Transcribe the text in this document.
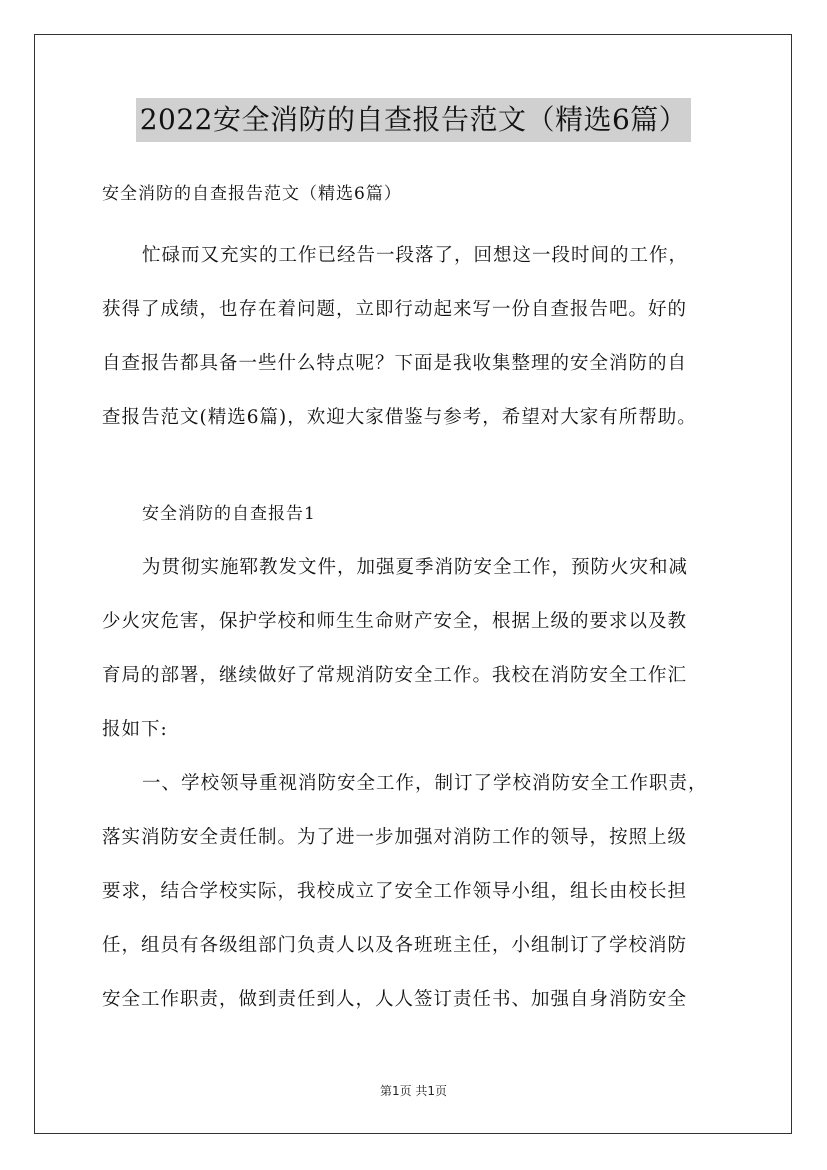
2022安全消防的自查报告范文（精选6篇）

安全消防的自查报告范文（精选6篇）

忙碌而又充实的工作已经告一段落了，回想这一段时间的工作，
获得了成绩，也存在着问题，立即行动起来写一份自查报告吧。好的
自查报告都具备一些什么特点呢？下面是我收集整理的安全消防的自
查报告范文(精选6篇)，欢迎大家借鉴与参考，希望对大家有所帮助。

安全消防的自查报告1

为贯彻实施郓教发文件，加强夏季消防安全工作，预防火灾和减
少火灾危害，保护学校和师生生命财产安全，根据上级的要求以及教
育局的部署，继续做好了常规消防安全工作。我校在消防安全工作汇
报如下:

一、学校领导重视消防安全工作，制订了学校消防安全工作职责，
落实消防安全责任制。为了进一步加强对消防工作的领导，按照上级
要求，结合学校实际，我校成立了安全工作领导小组，组长由校长担
任，组员有各级组部门负责人以及各班班主任，小组制订了学校消防
安全工作职责，做到责任到人，人人签订责任书、加强自身消防安全

第1页 共1页
